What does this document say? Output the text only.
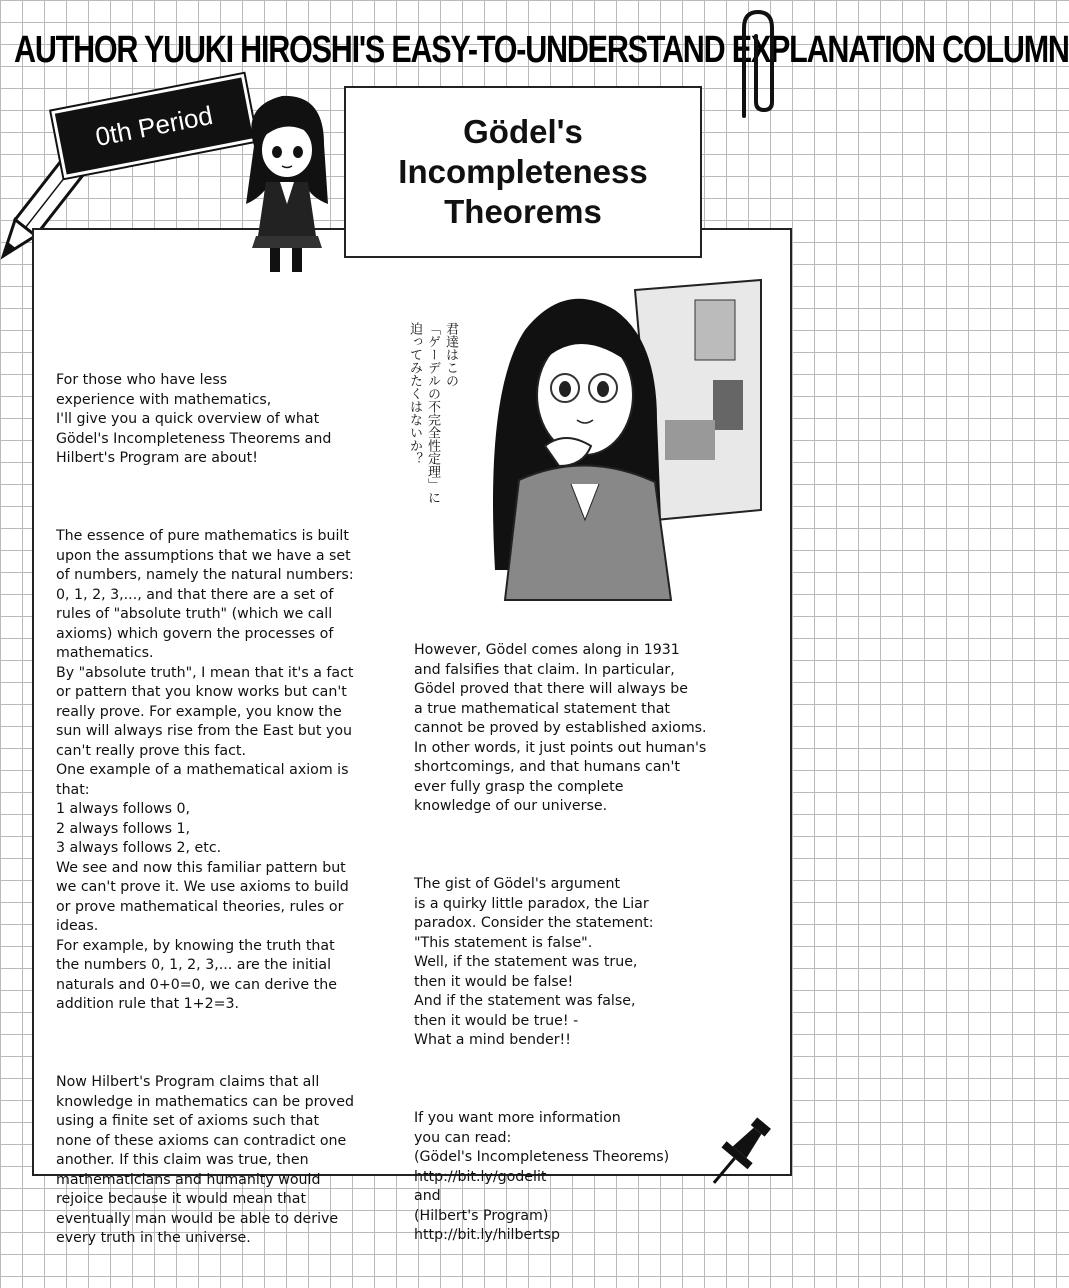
AUTHOR YUUKI HIROSHI'S EASY-TO-UNDERSTAND EXPLANATION COLUMN
0th Period	Gödel's
Incompleteness
Theorems
君達はこの
「ゲーデルの不完全性定理」に
迫ってみたくはないか？

For those who have less
experience with mathematics,
I'll give you a quick overview of what
Gödel's Incompleteness Theorems and
Hilbert's Program are about!

The essence of pure mathematics is built
upon the assumptions that we have a set
of numbers, namely the natural numbers:
0, 1, 2, 3,..., and that there are a set of
rules of "absolute truth" (which we call
axioms) which govern the processes of
mathematics.
By "absolute truth", I mean that it's a fact
or pattern that you know works but can't
really prove. For example, you know the
sun will always rise from the East but you
can't really prove this fact.
One example of a mathematical axiom is
that:
1 always follows 0,
2 always follows 1,
3 always follows 2, etc.
We see and now this familiar pattern but
we can't prove it. We use axioms to build
or prove mathematical theories, rules or
ideas.
For example, by knowing the truth that
the numbers 0, 1, 2, 3,... are the initial
naturals and 0+0=0, we can derive the
addition rule that 1+2=3.

Now Hilbert's Program claims that all
knowledge in mathematics can be proved
using a finite set of axioms such that
none of these axioms can contradict one
another. If this claim was true, then
mathematicians and humanity would
rejoice because it would mean that
eventually man would be able to derive
every truth in the universe.

However, Gödel comes along in 1931
and falsifies that claim. In particular,
Gödel proved that there will always be
a true mathematical statement that
cannot be proved by established axioms.
In other words, it just points out human's
shortcomings, and that humans can't
ever fully grasp the complete
knowledge of our universe.

The gist of Gödel's argument
is a quirky little paradox, the Liar
paradox. Consider the statement:
"This statement is false".
Well, if the statement was true,
then it would be false!
And if the statement was false,
then it would be true! -
What a mind bender!!

If you want more information
you can read:
(Gödel's Incompleteness Theorems)
http://bit.ly/godelit
and
(Hilbert's Program)
http://bit.ly/hilbertsp
